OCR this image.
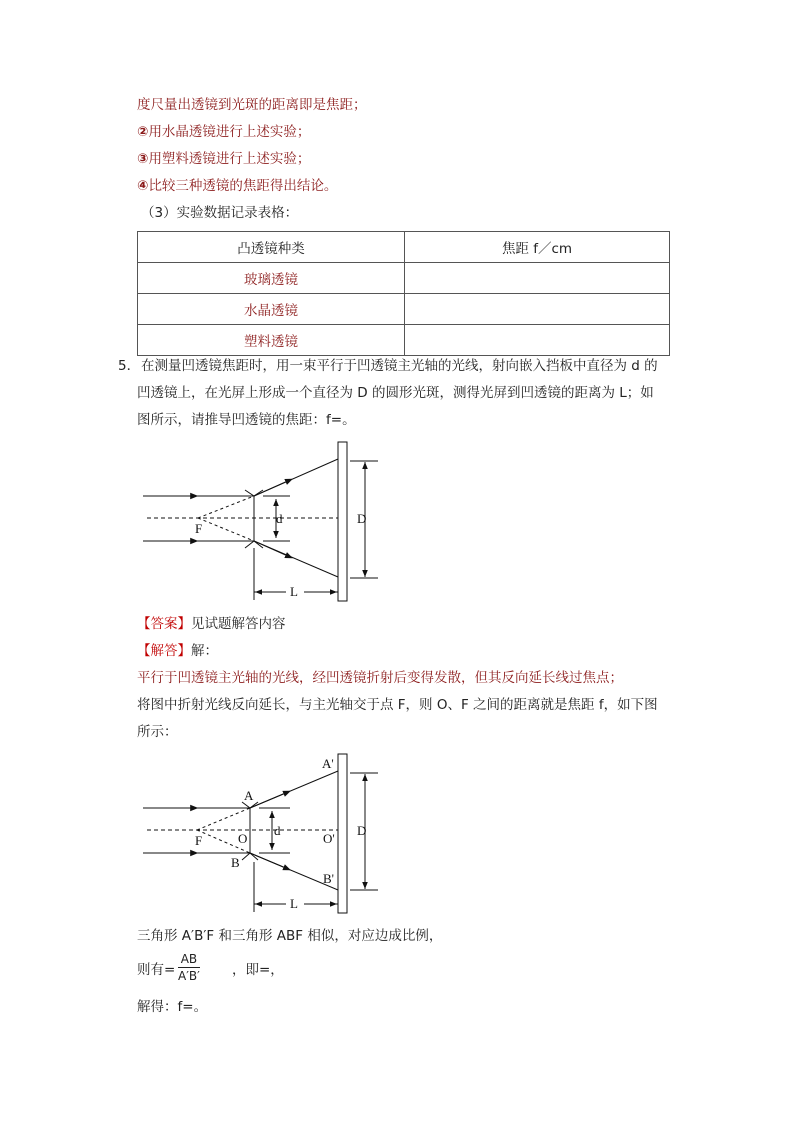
度尺量出透镜到光斑的距离即是焦距；
②用水晶透镜进行上述实验；
③用塑料透镜进行上述实验；
④比较三种透镜的焦距得出结论。
（3）实验数据记录表格：
凸透镜种类	焦距 f／cm
玻璃透镜	
水晶透镜	
塑料透镜	
5． 在测量凹透镜焦距时，用一束平行于凹透镜主光轴的光线，射向嵌入挡板中直径为 d 的
凹透镜上，在光屏上形成一个直径为 D 的圆形光斑，测得光屏到凹透镜的距离为 L；如
图所示，请推导凹透镜的焦距：f=。
F
d	D
L
【答案】见试题解答内容
【解答】解：
平行于凹透镜主光轴的光线，经凹透镜折射后变得发散，但其反向延长线过焦点；
将图中折射光线反向延长，与主光轴交于点 F，则 O、F 之间的距离就是焦距 f，如下图
所示：
A'
A
F	O
d
O'
D
B
B'
L
三角形 A′B′F 和三角形 ABF 相似，对应边成比例，
则有= $\frac{AB}{A'B'}$ ，即=，
解得：f=。
